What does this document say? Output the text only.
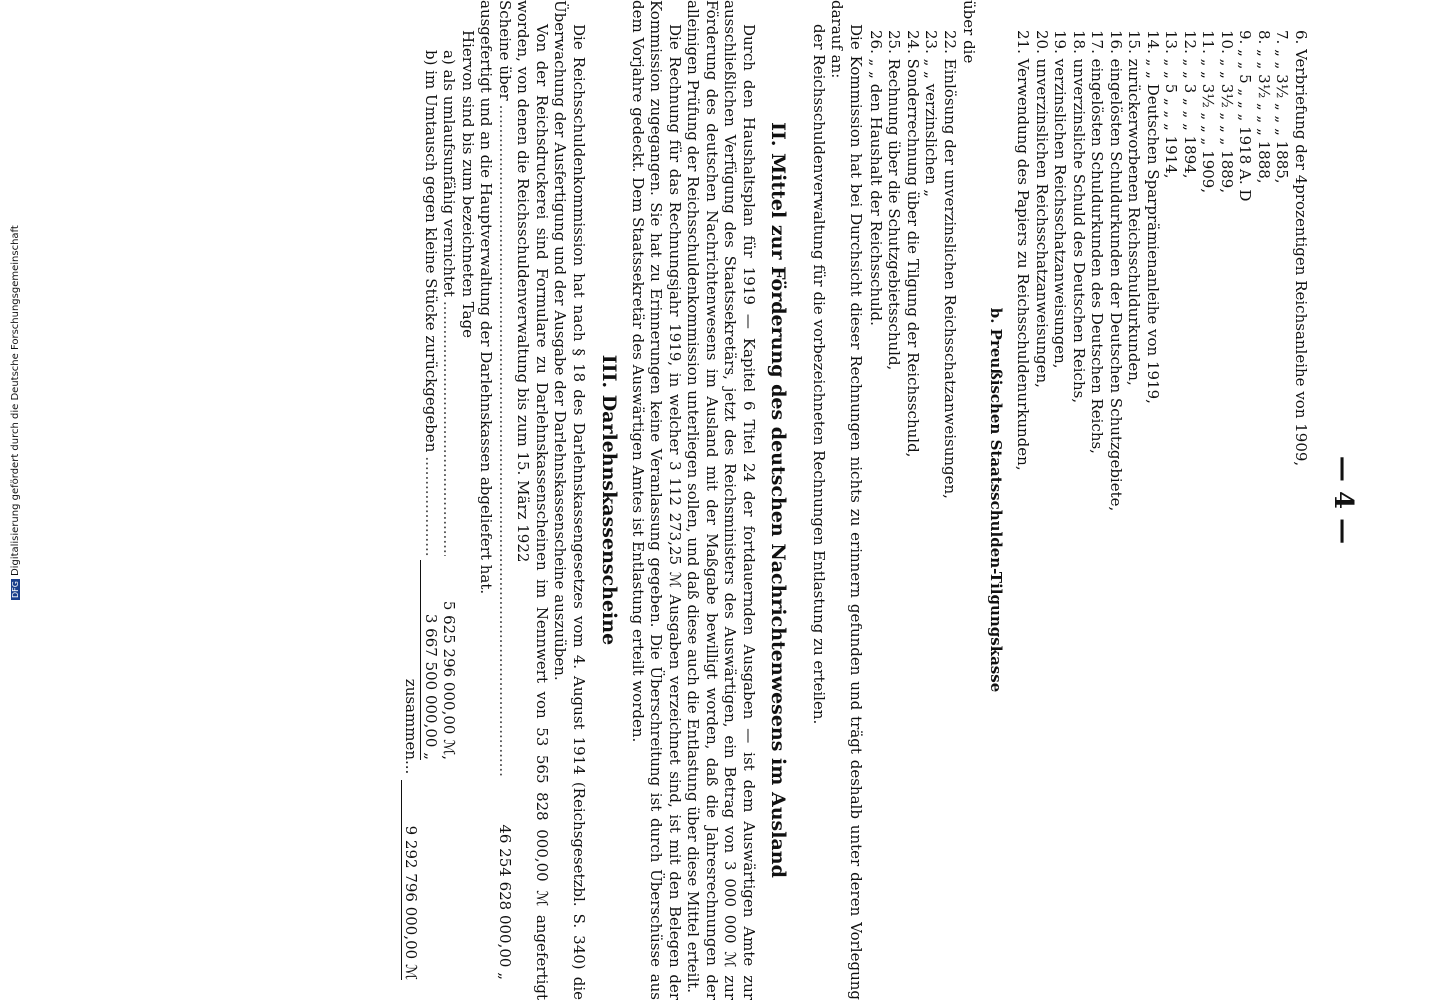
— 4 —
6. Verbriefung der 4prozentigen Reichsanleihe von 1909,
7. „ „ 3½ „ „ „ 1885,
8. „ „ 3½ „ „ „ 1888,
9. „ „ 5 „ „ „ 1918 A. D
10. „ „ 3½ „ „ „ 1889,
11. „ „ 3½ „ „ „ 1909,
12. „ „ 3 „ „ „ 1894,
13. „ „ 5 „ „ „ 1914,
14. „ „ Deutschen Sparprämienanleihe von 1919,
15. zurückerworbenen Reichsschuldurkunden,
16. eingelösten Schuldurkunden der Deutschen Schutzgebiete,
17. eingelösten Schuldurkunden des Deutschen Reichs,
18. unverzinsliche Schuld des Deutschen Reichs,
19. verzinslichen Reichsschatzanweisungen,
20. unverzinslichen Reichsschatzanweisungen,
21. Verwendung des Papiers zu Reichsschuldenurkunden,
b. Preußischen Staatsschulden-Tilgungskasse
über die
22. Einlösung der unverzinslichen Reichsschatzanweisungen,
23. „ „ verzinslichen „
24. Sonderrechnung über die Tilgung der Reichsschuld,
25. Rechnung über die Schutzgebietsschuld,
26. „ „ den Haushalt der Reichsschuld.

Die Kommission hat bei Durchsicht dieser Rechnungen nichts zu erinnern gefunden und trägt deshalb unter deren Vorlegung darauf an:

der Reichsschuldenverwaltung für die vorbezeichneten Rechnungen Entlastung zu erteilen.

II. Mittel zur Förderung des deutschen Nachrichtenwesens im Ausland

Durch den Haushaltsplan für 1919 — Kapitel 6 Titel 24 der fortdauernden Ausgaben — ist dem Auswärtigen Amte zur ausschließlichen Verfügung des Staatssekretärs, jetzt des Reichsministers des Auswärtigen, ein Betrag von 3 000 000 ℳ zur Förderung des deutschen Nachrichtenwesens im Ausland mit der Maßgabe bewilligt worden, daß die Jahresrechnungen der alleinigen Prüfung der Reichsschuldenkommission unterliegen sollen, und daß diese auch die Entlastung über diese Mittel erteilt.

Die Rechnung für das Rechnungsjahr 1919, in welcher 3 112 273,25 ℳ Ausgaben verzeichnet sind, ist mit den Belegen der Kommission zugegangen. Sie hat zu Erinnerungen keine Veranlassung gegeben. Die Überschreitung ist durch Überschüsse aus dem Vorjahre gedeckt. Dem Staatssekretär des Auswärtigen Amtes ist Entlastung erteilt worden.

III. Darlehnskassenscheine

Die Reichsschuldenkommission hat nach § 18 des Darlehnskassengesetzes vom 4. August 1914 (Reichsgesetzbl. S. 340) die Überwachung der Ausfertigung und der Ausgabe der Darlehnskassenscheine auszuüben.

Von der Reichsdruckerei sind Formulare zu Darlehnskassenscheinen im Nennwert von 53 565 828 000,00 ℳ angefertigt worden, von denen die Reichsschuldenverwaltung bis zum 15. März 1922

Scheine über
.....
46 254 628 000,00 „
ausgefertigt und an die Hauptverwaltung der Darlehnskassen abgeliefert hat.
Hiervon sind bis zum bezeichneten Tage
a) als umlaufsunfähig vernichtet
.....
5 625 296 000,00 ℳ,
b) im Umtausch gegen kleine Stücke zurückgegeben
.....
3 667 500 000,00 „
zusammen
...
9 292 796 000,00 ℳ
DFGDigitalisierung gefördert durch die Deutsche Forschungsgemeinschaft
